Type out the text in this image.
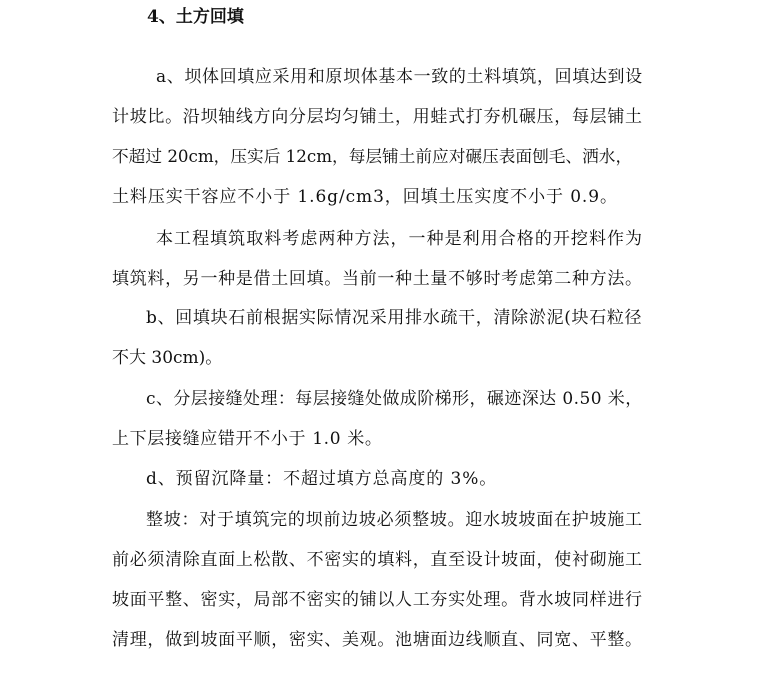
4、土方回填
a、坝体回填应采用和原坝体基本一致的土料填筑，回填达到设
计坡比。沿坝轴线方向分层均匀铺土，用蛙式打夯机碾压，每层铺土
不超过 20cm，压实后 12cm，每层铺土前应对碾压表面刨毛、洒水，
土料压实干容应不小于 1.6g/cm3，回填土压实度不小于 0.9。
本工程填筑取料考虑两种方法，一种是利用合格的开挖料作为
填筑料，另一种是借土回填。当前一种土量不够时考虑第二种方法。
b、回填块石前根据实际情况采用排水疏干，清除淤泥(块石粒径
不大 30cm)。
c、分层接缝处理：每层接缝处做成阶梯形，碾迹深达 0.50 米，
上下层接缝应错开不小于 1.0 米。
d、预留沉降量：不超过填方总高度的 3%。
整坡：对于填筑完的坝前边坡必须整坡。迎水坡坡面在护坡施工
前必须清除直面上松散、不密实的填料，直至设计坡面，使衬砌施工
坡面平整、密实，局部不密实的铺以人工夯实处理。背水坡同样进行
清理，做到坡面平顺，密实、美观。池塘面边线顺直、同宽、平整。
